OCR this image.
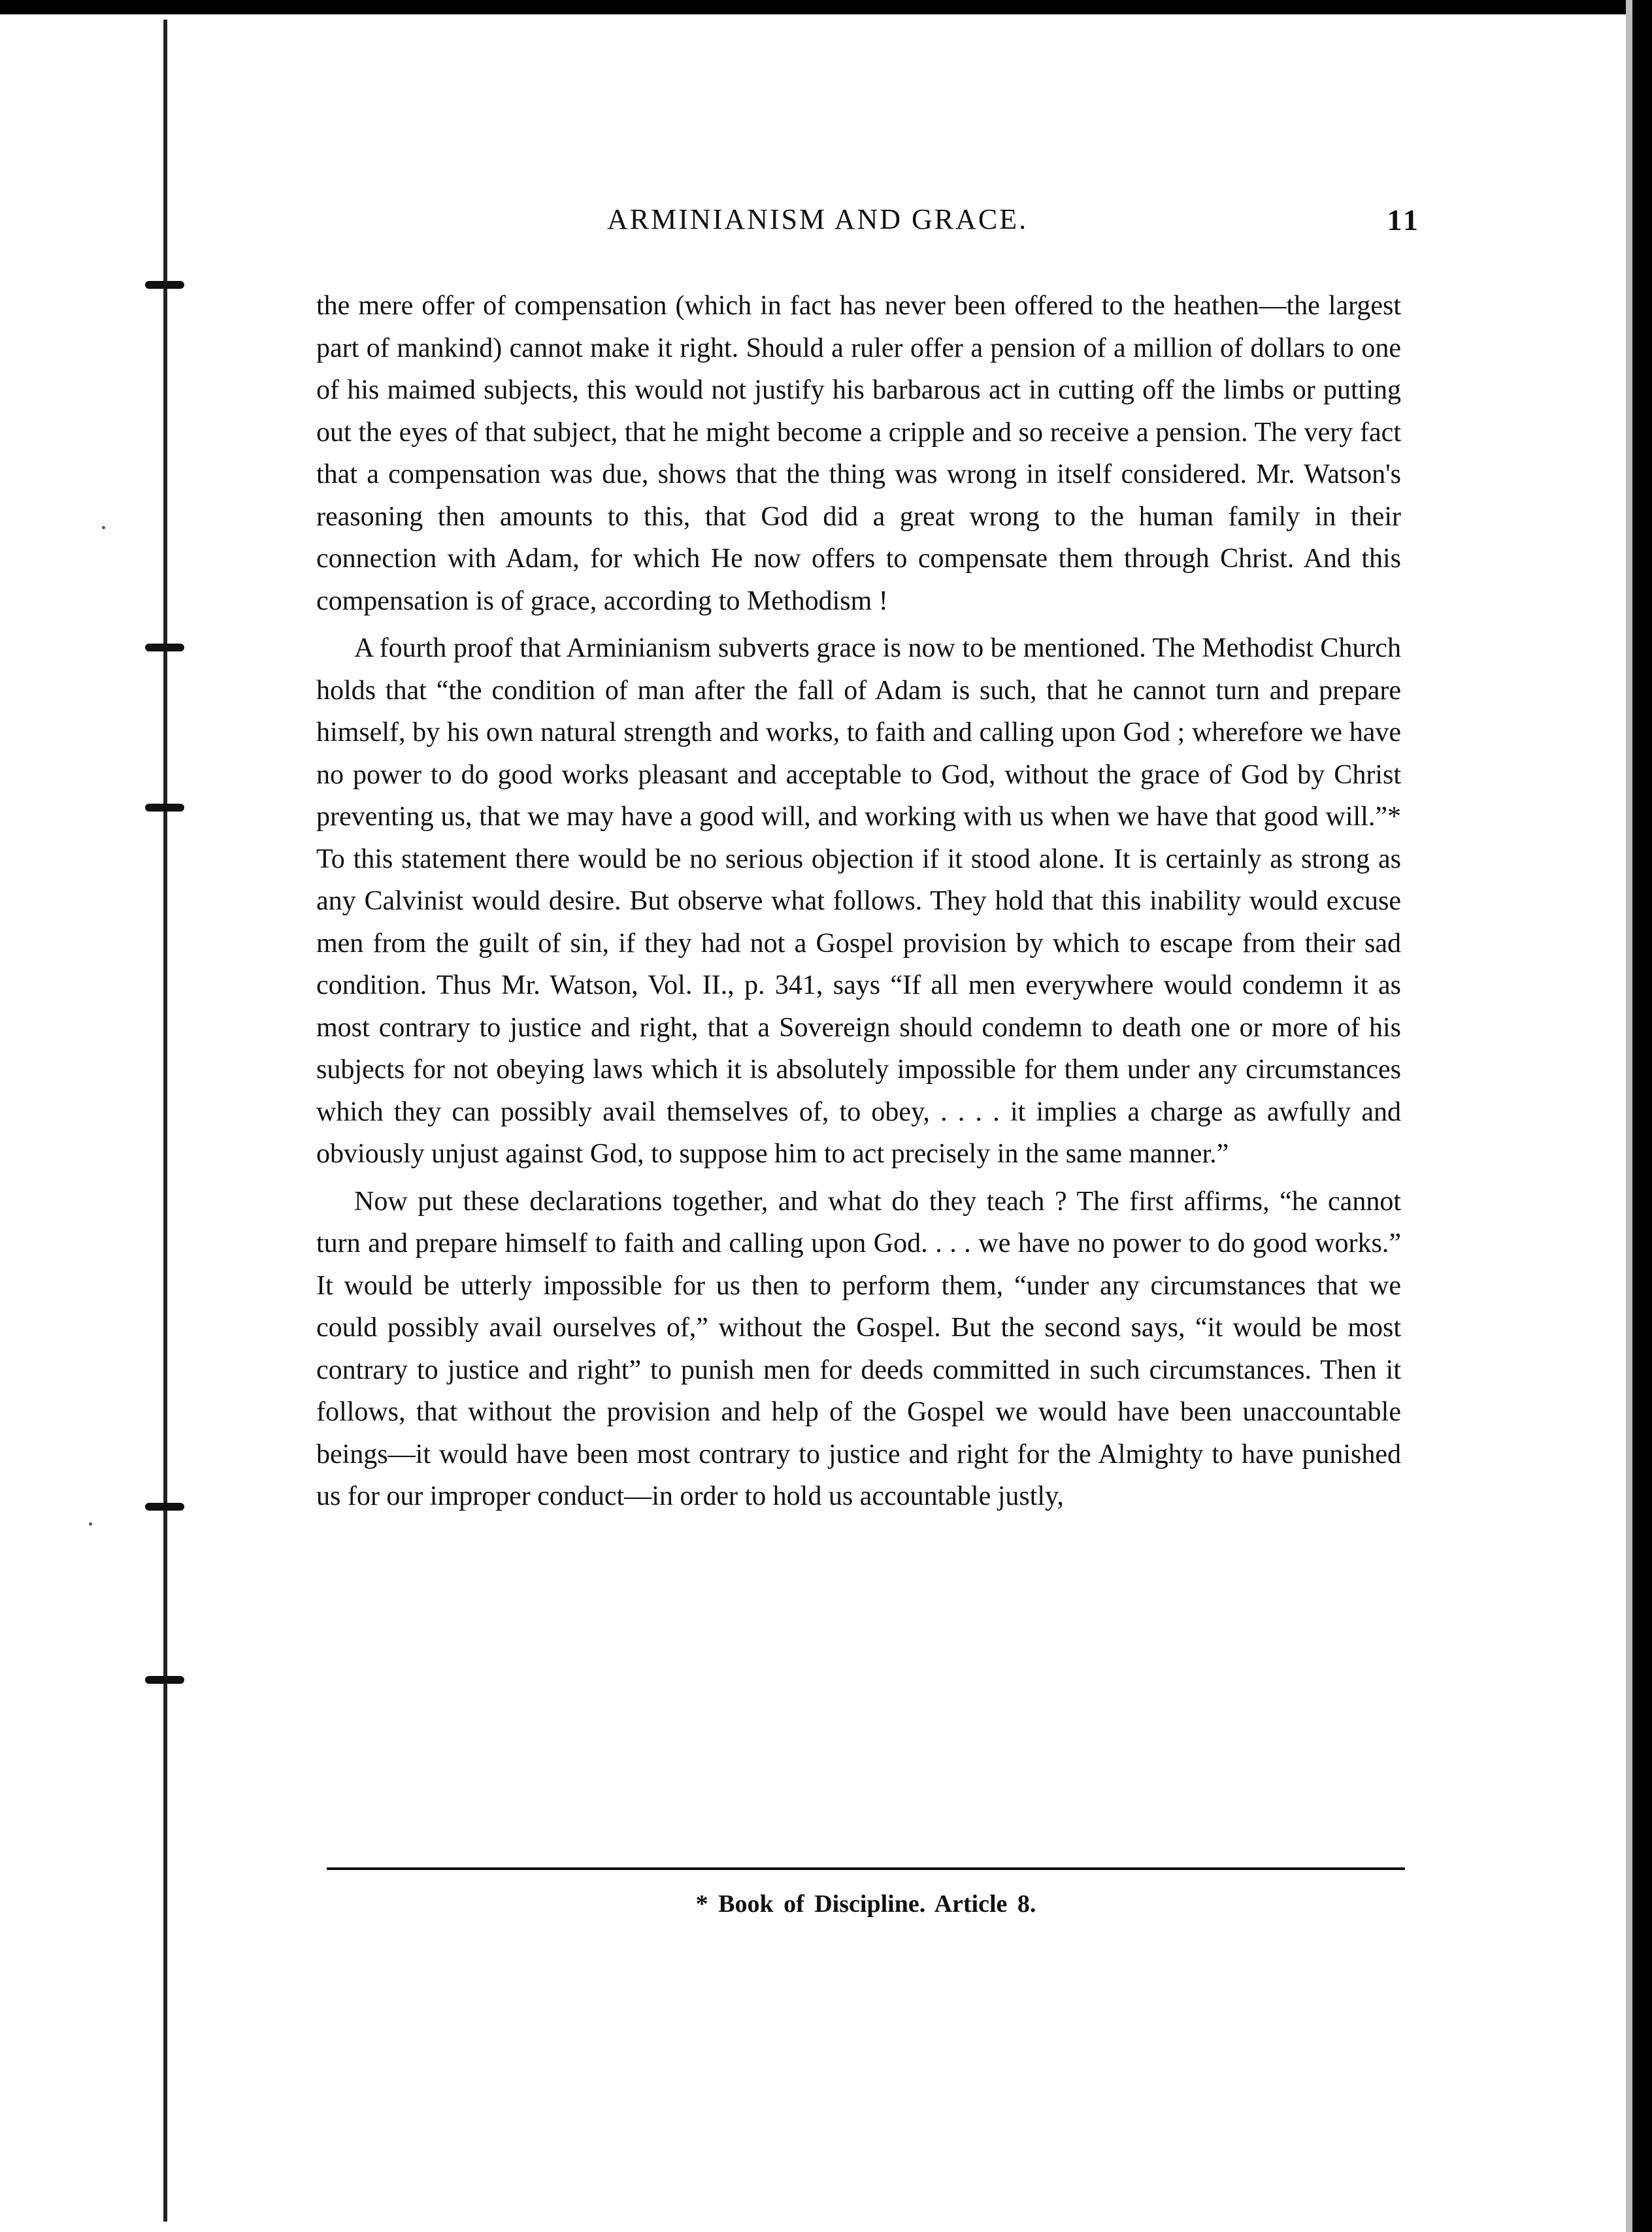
ARMINIANISM AND GRACE.	11

the mere offer of compensation (which in fact has never been offered to the heathen—the largest part of mankind) cannot make it right. Should a ruler offer a pension of a million of dollars to one of his maimed subjects, this would not justify his barbarous act in cutting off the limbs or putting out the eyes of that subject, that he might become a cripple and so receive a pension. The very fact that a compensation was due, shows that the thing was wrong in itself considered. Mr. Watson's reasoning then amounts to this, that God did a great wrong to the human family in their connection with Adam, for which He now offers to compensate them through Christ. And this compensation is of grace, according to Methodism !

A fourth proof that Arminianism subverts grace is now to be mentioned. The Methodist Church holds that “the condition of man after the fall of Adam is such, that he cannot turn and prepare himself, by his own natural strength and works, to faith and calling upon God ; wherefore we have no power to do good works pleasant and acceptable to God, without the grace of God by Christ preventing us, that we may have a good will, and working with us when we have that good will.”* To this statement there would be no serious objection if it stood alone. It is certainly as strong as any Calvinist would desire. But observe what follows. They hold that this inability would excuse men from the guilt of sin, if they had not a Gospel provision by which to escape from their sad condition. Thus Mr. Watson, Vol. II., p. 341, says “If all men everywhere would condemn it as most contrary to justice and right, that a Sovereign should condemn to death one or more of his subjects for not obeying laws which it is absolutely impossible for them under any circumstances which they can possibly avail themselves of, to obey, . . . . it implies a charge as awfully and obviously unjust against God, to suppose him to act precisely in the same manner.”

Now put these declarations together, and what do they teach ? The first affirms, “he cannot turn and prepare himself to faith and calling upon God. . . . we have no power to do good works.” It would be utterly impossible for us then to perform them, “under any circumstances that we could possibly avail ourselves of,” without the Gospel. But the second says, “it would be most contrary to justice and right” to punish men for deeds committed in such circumstances. Then it follows, that without the provision and help of the Gospel we would have been unaccountable beings—it would have been most contrary to justice and right for the Almighty to have punished us for our improper conduct—in order to hold us accountable justly,

* Book of Discipline. Article 8.
